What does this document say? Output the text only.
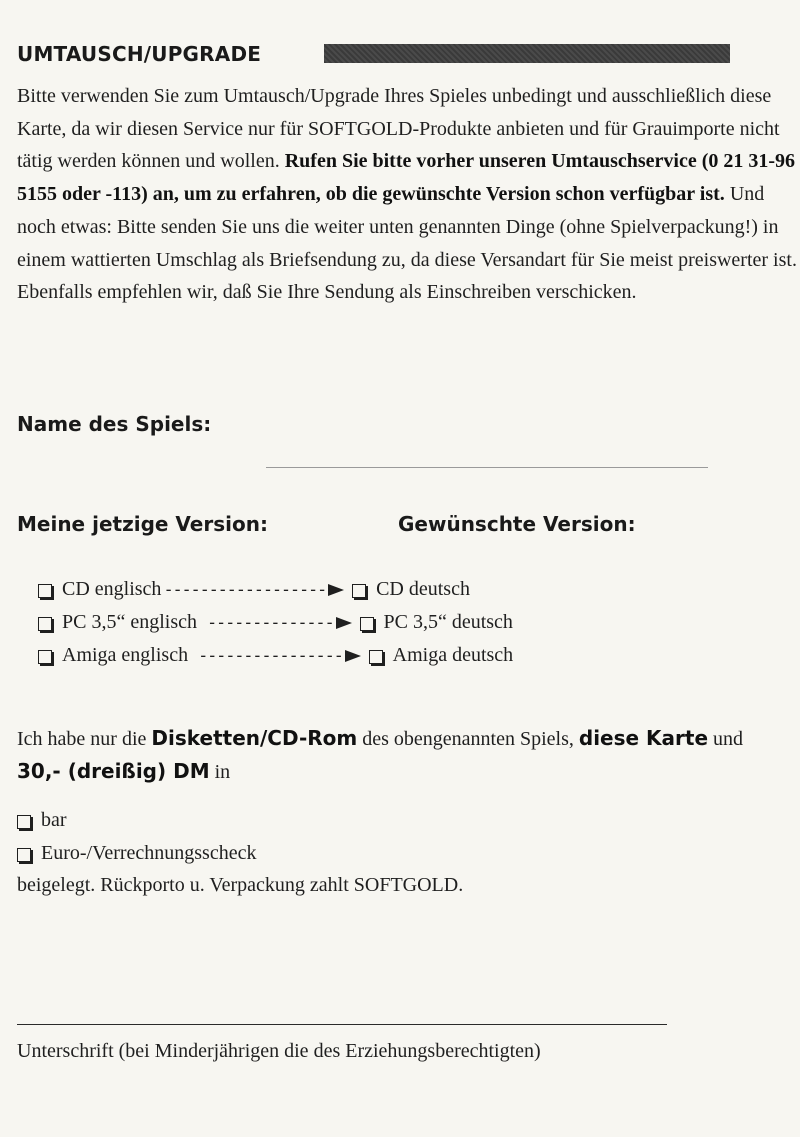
UMTAUSCH/UPGRADE
Bitte verwenden Sie zum Umtausch/Upgrade Ihres Spieles unbedingt und ausschließlich diese Karte, da wir diesen Service nur für SOFTGOLD-Produkte anbieten und für Grauimporte nicht tätig werden können und wollen. Rufen Sie bitte vorher unseren Umtauschservice (0 21 31-96 5155 oder -113) an, um zu erfahren, ob die gewünschte Version schon verfügbar ist. Und noch etwas: Bitte senden Sie uns die weiter unten genannten Dinge (ohne Spielverpackung!) in einem wattierten Umschlag als Briefsendung zu, da diese Versandart für Sie meist preiswerter ist. Ebenfalls empfehlen wir, daß Sie Ihre Sendung als Einschreiben verschicken.
Name des Spiels:
Meine jetzige Version:	Gewünschte Version:
CD englisch ------------------	CD deutsch
PC 3,5“ englisch --------------	PC 3,5“ deutsch
Amiga englisch ----------------	Amiga deutsch
Ich habe nur die Disketten/CD-Rom des obengenannten Spiels, diese Karte und 30,- (dreißig) DM in
bar
Euro-/Verrechnungsscheck
beigelegt. Rückporto u. Verpackung zahlt SOFTGOLD.
Unterschrift (bei Minderjährigen die des Erziehungsberechtigten)
